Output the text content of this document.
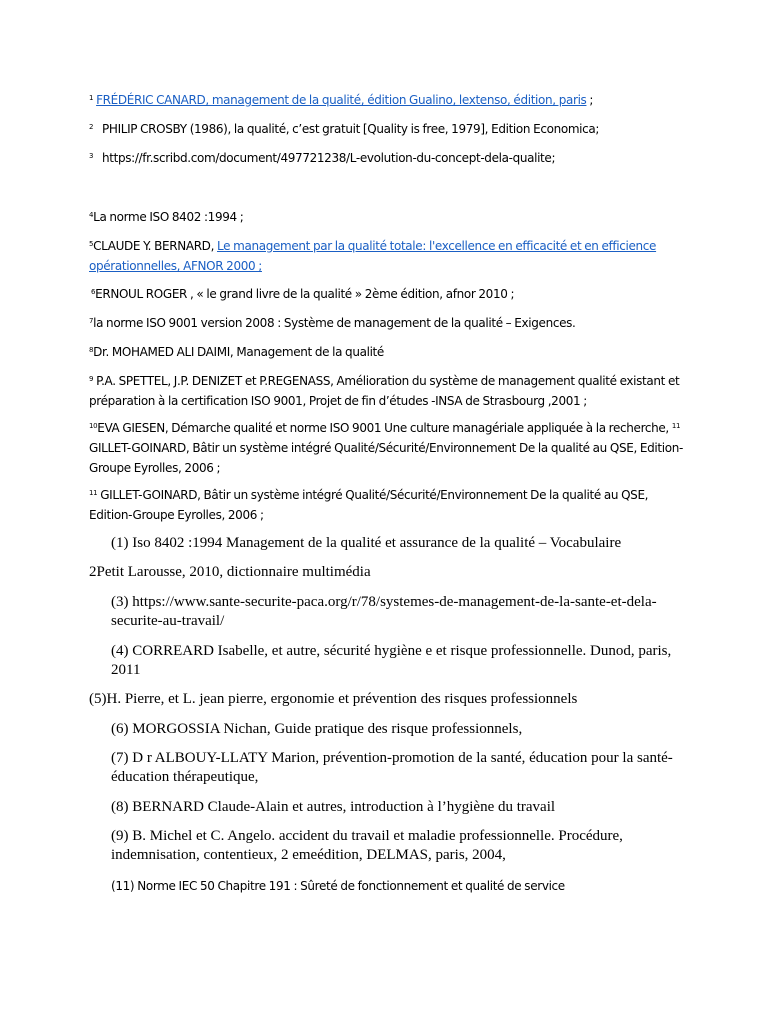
$^1$ FRÉDÉRIC CANARD, management de la qualité, édition Gualino, lextenso, édition, paris ;
$^2$ PHILIP CROSBY (1986), la qualité, c’est gratuit [Quality is free, 1979], Edition Economica;
$^3$ https://fr.scribd.com/document/497721238/L-evolution-du-concept-dela-qualite;
$^4$La norme ISO 8402 :1994 ;
$^5$CLAUDE Y. BERNARD, Le management par la qualité totale: l'excellence en efficacité et en efficience
opérationnelles, AFNOR 2000 ;
$^6$ERNOUL ROGER , « le grand livre de la qualité » 2ème édition, afnor 2010 ;
$^7$la norme ISO 9001 version 2008 : Système de management de la qualité – Exigences.
$^8$Dr. MOHAMED ALI DAIMI, Management de la qualité
$^9$ P.A. SPETTEL, J.P. DENIZET et P.REGENASS, Amélioration du système de management qualité existant et
préparation à la certification ISO 9001, Projet de fin d’études -INSA de Strasbourg ,2001 ;
$^{10}$EVA GIESEN, Démarche qualité et norme ISO 9001 Une culture managériale appliquée à la recherche, $^{11}$
GILLET-GOINARD, Bâtir un système intégré Qualité/Sécurité/Environnement De la qualité au QSE, Edition-
Groupe Eyrolles, 2006 ;
$^{11}$ GILLET-GOINARD, Bâtir un système intégré Qualité/Sécurité/Environnement De la qualité au QSE,
Edition-Groupe Eyrolles, 2006 ;
(1) Iso 8402 :1994 Management de la qualité et assurance de la qualité – Vocabulaire
2Petit Larousse, 2010, dictionnaire multimédia
(3) https://www.sante-securite-paca.org/r/78/systemes-de-management-de-la-sante-et-dela-
securite-au-travail/
(4) CORREARD Isabelle, et autre, sécurité hygiène e et risque professionnelle. Dunod, paris,
2011
(5)H. Pierre, et L. jean pierre, ergonomie et prévention des risques professionnels
(6) MORGOSSIA Nichan, Guide pratique des risque professionnels,
(7) D r ALBOUY-LLATY Marion, prévention-promotion de la santé, éducation pour la santé-
éducation thérapeutique,
(8) BERNARD Claude-Alain et autres, introduction à l’hygiène du travail
(9) B. Michel et C. Angelo. accident du travail et maladie professionnelle. Procédure,
indemnisation, contentieux, 2 emeédition, DELMAS, paris, 2004,
(11) Norme IEC 50 Chapitre 191 : Sûreté de fonctionnement et qualité de service
